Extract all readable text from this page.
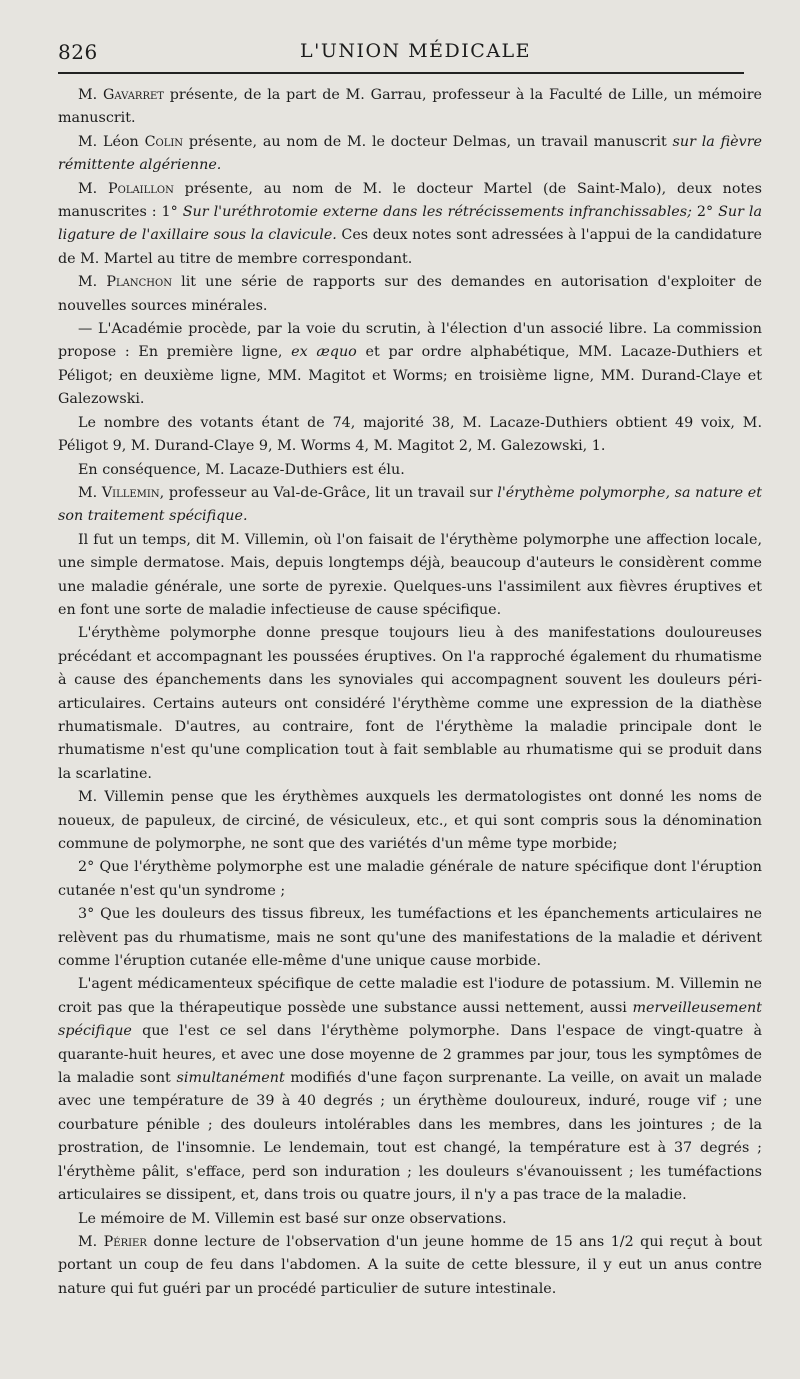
826	L'UNION MÉDICALE

M. Gavarret présente, de la part de M. Garrau, professeur à la Faculté de Lille, un mémoire manuscrit.

M. Léon Colin présente, au nom de M. le docteur Delmas, un travail manuscrit sur la fièvre rémittente algérienne.

M. Polaillon présente, au nom de M. le docteur Martel (de Saint-Malo), deux notes manuscrites : 1° Sur l'uréthrotomie externe dans les rétrécissements infranchissables; 2° Sur la ligature de l'axillaire sous la clavicule. Ces deux notes sont adressées à l'appui de la candidature de M. Martel au titre de membre correspondant.

M. Planchon lit une série de rapports sur des demandes en autorisation d'exploiter de nouvelles sources minérales.

— L'Académie procède, par la voie du scrutin, à l'élection d'un associé libre. La commission propose : En première ligne, ex æquo et par ordre alphabétique, MM. Lacaze-Duthiers et Péligot; en deuxième ligne, MM. Magitot et Worms; en troisième ligne, MM. Durand-Claye et Galezowski.

Le nombre des votants étant de 74, majorité 38, M. Lacaze-Duthiers obtient 49 voix, M. Péligot 9, M. Durand-Claye 9, M. Worms 4, M. Magitot 2, M. Galezowski, 1.

En conséquence, M. Lacaze-Duthiers est élu.

M. Villemin, professeur au Val-de-Grâce, lit un travail sur l'érythème polymorphe, sa nature et son traitement spécifique.

Il fut un temps, dit M. Villemin, où l'on faisait de l'érythème polymorphe une affection locale, une simple dermatose. Mais, depuis longtemps déjà, beaucoup d'auteurs le considèrent comme une maladie générale, une sorte de pyrexie. Quelques-uns l'assimilent aux fièvres éruptives et en font une sorte de maladie infectieuse de cause spécifique.

L'érythème polymorphe donne presque toujours lieu à des manifestations douloureuses précédant et accompagnant les poussées éruptives. On l'a rapproché également du rhumatisme à cause des épanchements dans les synoviales qui accompagnent souvent les douleurs péri-articulaires. Certains auteurs ont considéré l'érythème comme une expression de la diathèse rhumatismale. D'autres, au contraire, font de l'érythème la maladie principale dont le rhumatisme n'est qu'une complication tout à fait semblable au rhumatisme qui se produit dans la scarlatine.

M. Villemin pense que les érythèmes auxquels les dermatologistes ont donné les noms de noueux, de papuleux, de circiné, de vésiculeux, etc., et qui sont compris sous la dénomination commune de polymorphe, ne sont que des variétés d'un même type morbide;

2° Que l'érythème polymorphe est une maladie générale de nature spécifique dont l'éruption cutanée n'est qu'un syndrome ;

3° Que les douleurs des tissus fibreux, les tuméfactions et les épanchements articulaires ne relèvent pas du rhumatisme, mais ne sont qu'une des manifestations de la maladie et dérivent comme l'éruption cutanée elle-même d'une unique cause morbide.

L'agent médicamenteux spécifique de cette maladie est l'iodure de potassium. M. Villemin ne croit pas que la thérapeutique possède une substance aussi nettement, aussi merveilleusement spécifique que l'est ce sel dans l'érythème polymorphe. Dans l'espace de vingt-quatre à quarante-huit heures, et avec une dose moyenne de 2 grammes par jour, tous les symptômes de la maladie sont simultanément modifiés d'une façon surprenante. La veille, on avait un malade avec une température de 39 à 40 degrés ; un érythème douloureux, induré, rouge vif ; une courbature pénible ; des douleurs intolérables dans les membres, dans les jointures ; de la prostration, de l'insomnie. Le lendemain, tout est changé, la température est à 37 degrés ; l'érythème pâlit, s'efface, perd son induration ; les douleurs s'évanouissent ; les tuméfactions articulaires se dissipent, et, dans trois ou quatre jours, il n'y a pas trace de la maladie.

Le mémoire de M. Villemin est basé sur onze observations.

M. Périer donne lecture de l'observation d'un jeune homme de 15 ans 1/2 qui reçut à bout portant un coup de feu dans l'abdomen. A la suite de cette blessure, il y eut un anus contre nature qui fut guéri par un procédé particulier de suture intestinale.
